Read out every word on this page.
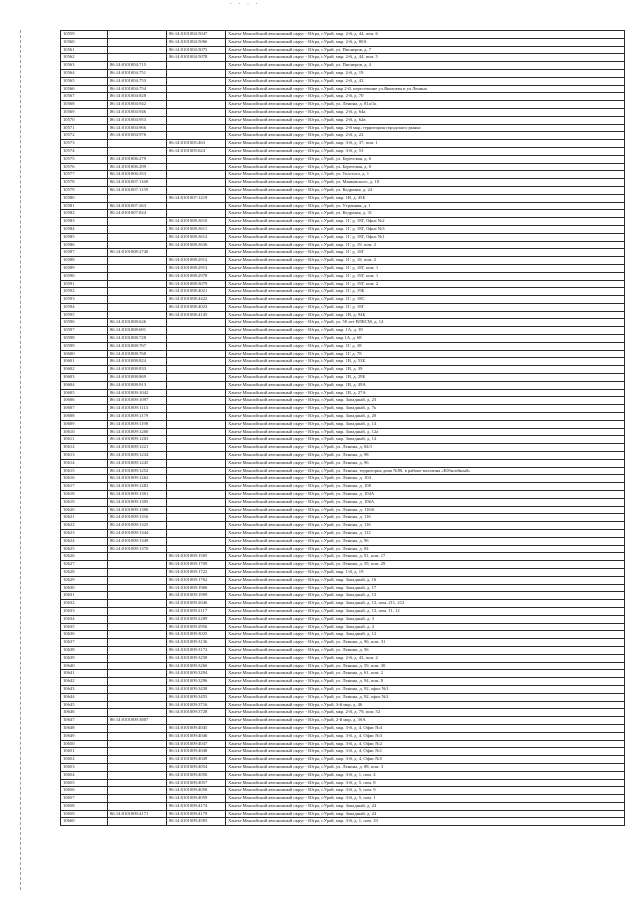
· · · ·
10559		86:14:0101004:5047	Ханты-Мансийский автономный округ - Югра, г.Урай, мкр. 2-й, д. 44, пом. 6
10560		86:14:0101004:5066	Ханты-Мансийский автономный округ - Югра, г.Урай, мкр. 2-й, д. 80А
10561		86:14:0101004:5075	Ханты-Мансийский автономный округ - Югра, г.Урай, ул. Пионеров, д. 7
10562		86:14:0101004:5078	Ханты-Мансийский автономный округ - Югра, г.Урай, мкр. 2-й, д. 44, пом. 5
10563	86:14:0101004:715		Ханты-Мансийский автономный округ - Югра, г.Урай, ул. Пионеров, д. 4
10564	86:14:0101004:751		Ханты-Мансийский автономный округ - Югра, г.Урай, мкр. 2-й, д. 19
10565	86:14:0101004:753		Ханты-Мансийский автономный округ - Югра, г.Урай, мкр. 2-й, д. 43
10566	86:14:0101004:754		Ханты-Мансийский автономный округ - Югра, г.Урай, мкр 2-й, пересечение ул.Яковлева и ул.Ленина
10567	86:14:0101004:828		Ханты-Мансийский автономный округ - Югра, г.Урай, мкр. 2-й, д. 70
10568	86:14:0101004:942		Ханты-Мансийский автономный округ - Югра, г.Урай, ул. Ленина, д. 81а/1к
10569	86:14:0101004:946		Ханты-Мансийский автономный округ - Югра, г.Урай, мкр. 2-й, д. 64а
10570	86:14:0101004:953		Ханты-Мансийский автономный округ - Югра, г.Урай, мкр. 2-й, д. 62в
10571	86:14:0101004:966		Ханты-Мансийский автономный округ - Югра, г.Урай, мкр. 2-й мкр, территория городского рынка
10572	86:14:0101004:976		Ханты-Мансийский автономный округ - Югра, г.Урай, мкр. 2-й, д. 22
10573		86:14:0101005:463	Ханты-Мансийский автономный округ - Югра, г.Урай, мкр. 3-й, д. 37, пом. 1
10574		86:14:0101005:624	Ханты-Мансийский автономный округ - Югра, г.Урай, мкр. 3-й, д. 53
10575	86:14:0101006:279		Ханты-Мансийский автономный округ - Югра, г.Урай, ул. Береговая, д. 6
10576	86:14:0101006:299		Ханты-Мансийский автономный округ - Югра, г.Урай, ул. Береговая, д. 8
10577	86:14:0101006:353		Ханты-Мансийский автономный округ - Югра, г.Урай, ул. Толстого, д. 1
10578	86:14:0101007:1160		Ханты-Мансийский автономный округ - Югра, г.Урай, ул. Маяковского, д. 18
10579	86:14:0101007:1159		Ханты-Мансийский автономный округ - Югра, г.Урай, ул. Кедровая, д. 24
10580		86:14:0101007:1219	Ханты-Мансийский автономный округ - Югра, г.Урай, мкр. 1В, д. 45Б
10581	86:14:0101007:263		Ханты-Мансийский автономный округ - Югра, г.Урай, ул. Утренняя, д. 1
10582	86:14:0101007:824		Ханты-Мансийский автономный округ - Югра, г.Урай, ул. Кедровая, д. 31
10583		86:14:0101008:3610	Ханты-Мансийский автономный округ - Югра, г.Урай, мкр. 1Г, д. 18Г, Офис №2
10584		86:14:0101008:3611	Ханты-Мансийский автономный округ - Югра, г.Урай, мкр. 1Г, д. 18Г, Офис №3
10585		86:14:0101008:3612	Ханты-Мансийский автономный округ - Югра, г.Урай, мкр. 1Г, д. 18Г, Офис №1
10586		86:14:0101008:3636	Ханты-Мансийский автономный округ - Югра, г.Урай, мкр. 1Г, д. 19, пом. 2
10587	86:14:0101008:2740		Ханты-Мансийский автономный округ - Югра, г.Урай, мкр. 1Г, д. 18Г
10588		86:14:0101008:2912	Ханты-Мансийский автономный округ - Югра, г.Урай, мкр. 1Г, д. 18, пом. 2
10589		86:14:0101008:2913	Ханты-Мансийский автономный округ - Югра, г.Урай, мкр. 1Г, д. 18Г, пом. 1
10590		86:14:0101008:2978	Ханты-Мансийский автономный округ - Югра, г.Урай, мкр. 1Г, д. 19Г, пом. 1
10591		86:14:0101008:3079	Ханты-Мансийский автономный округ - Югра, г.Урай, мкр. 1Г, д. 19Г, пом. 2
10592		86:14:0101008:4021	Ханты-Мансийский автономный округ - Югра, г.Урай, мкр. 1Г, д. 19Б
10593		86:14:0101008:4422	Ханты-Мансийский автономный округ - Югра, г.Урай, мкр. 1Г, д. 18С
10594		86:14:0101008:4023	Ханты-Мансийский автономный округ - Югра, г.Урай, мкр. 1Г, д. 18Г
10595		86:14:0101008:4145	Ханты-Мансийский автономный округ - Югра, г.Урай, мкр. 1В, д. 94Б
10596	86:14:0101008:626		Ханты-Мансийский автономный округ - Югра, г.Урай, ул. 50 лет ВЛКСМ, д. 14
10597	86:14:0101008:691		Ханты-Мансийский автономный округ - Югра, г.Урай, мкр. 1А, д. 39
10598	86:14:0101008:728		Ханты-Мансийский автономный округ - Югра, г.Урай, мкр.1А, д. 68
10599	86:14:0101008:767		Ханты-Мансийский автономный округ - Югра, г.Урай, мкр. 1Г, д. 38
10600	86:14:0101008:768		Ханты-Мансийский автономный округ - Югра, г.Урай, мкр. 1Г, д. 78
10601	86:14:0101008:824		Ханты-Мансийский автономный округ - Югра, г.Урай, мкр. 1В, д. 53Б
10602	86:14:0101008:833		Ханты-Мансийский автономный округ - Югра, г.Урай, мкр. 1В, д. 39
10603	86:14:0101008:869		Ханты-Мансийский автономный округ - Югра, г.Урай, мкр. 1В, д. 29Б
10604	86:14:0101008:913		Ханты-Мансийский автономный округ - Югра, г.Урай, мкр. 1В, д. 49А
10605	86:14:0101009:1042		Ханты-Мансийский автономный округ - Югра, г.Урай, мкр. 1В, д. 27А
10606	86:14:0101009:1097		Ханты-Мансийский автономный округ - Югра, г.Урай, мкр. Западный, д. 23
10607	86:14:0101009:1113		Ханты-Мансийский автономный округ - Югра, г.Урай, мкр. Западный, д. 7к
10608	86:14:0101009:1179		Ханты-Мансийский автономный округ - Югра, г.Урай, мкр. Западный, д. 20
10609	86:14:0101009:1198		Ханты-Мансийский автономный округ - Югра, г.Урай, мкр. Западный, д. 14
10610	86:14:0101009:1200		Ханты-Мансийский автономный округ - Югра, г.Урай, мкр. Западный, д. 12а
10611	86:14:0101009:1203		Ханты-Мансийский автономный округ - Югра, г.Урай, мкр. Западный, д. 14
10612	86:14:0101009:1221		Ханты-Мансийский автономный округ - Югра, г.Урай, ул. Ленина, д. 84/1
10613	86:14:0101009:1234		Ханты-Мансийский автономный округ - Югра, г.Урай, ул. Ленина, д. 98
10614	86:14:0101009:1245		Ханты-Мансийский автономный округ - Югра, г.Урай, ул. Ленина, д. 96
10615	86:14:0101009:1252		Ханты-Мансийский автономный округ - Югра, г.Урай, ул. Ленина, территория дома №88, в районе магазина «Юбилейный»
10616	86:14:0101009:1262		Ханты-Мансийский автономный округ - Югра, г.Урай, ул. Ленина, д. 104
10617	86:14:0101009:1282		Ханты-Мансийский автономный округ - Югра, г.Урай, ул. Ленина, д. 108
10618	86:14:0101009:1301		Ханты-Мансийский автономный округ - Югра, г.Урай, ул. Ленина, д. 104А
10619	86:14:0101009:1305		Ханты-Мансийский автономный округ - Югра, г.Урай, ул. Ленина, д. 106А
10620	86:14:0101009:1306		Ханты-Мансийский автономный округ - Югра, г.Урай, ул. Ленина, д. 116/6
10621	86:14:0101009:1316		Ханты-Мансийский автономный округ - Югра, г.Урай, ул. Ленина, д. 116
10622	86:14:0101009:1325		Ханты-Мансийский автономный округ - Югра, г.Урай, ул. Ленина, д. 116
10623	86:14:0101009:1344		Ханты-Мансийский автономный округ - Югра, г.Урай, ул. Ленина, д. 112
10624	86:14:0101009:1349		Ханты-Мансийский автономный округ - Югра, г.Урай, ул. Ленина, д. 96
10625	86:14:0101009:1370		Ханты-Мансийский автономный округ - Югра, г.Урай, ул. Ленина, д. 84
10626		86:14:0101009:1505	Ханты-Мансийский автономный округ - Югра, г.Урай, ул. Ленина, д. 91, пом. 17
10627		86:14:0101009:1709	Ханты-Мансийский автономный округ - Югра, г.Урай, ул. Ленина, д. 59, пом. 29
10628		86:14:0101009:1722	Ханты-Мансийский автономный округ - Югра, г.Урай, мкр. 1-й, д. 19
10629		86:14:0101009:1762	Ханты-Мансийский автономный округ - Югра, г.Урай, мкр. Западный, д. 16
10630		86:14:0101009:1906	Ханты-Мансийский автономный округ - Югра, г.Урай, мкр. Западный, д. 17
10631		86:14:0101009:1909	Ханты-Мансийский автономный округ - Югра, г.Урай, мкр. Западный, д. 13
10632		86:14:0101009:2046	Ханты-Мансийский автономный округ - Югра, г.Урай, мкр. Западный, д. 13, пом. 211, 212
10633		86:14:0101009:2117	Ханты-Мансийский автономный округ - Югра, г.Урай, мкр. Западный, д. 13, пом. 11, 12
10634		86:14:0101009:2289	Ханты-Мансийский автономный округ - Югра, г.Урай, мкр. Западный, д. 3
10635		86:14:0101009:2956	Ханты-Мансийский автономный округ - Югра, г.Урай, мкр. Западный, д. 4
10636		86:14:0101009:3025	Ханты-Мансийский автономный округ - Югра, г.Урай, мкр. Западный, д. 12
10637		86:14:0101009:3136	Ханты-Мансийский автономный округ - Югра, г.Урай, ул. Ленина, д. 96, пом. 31
10638		86:14:0101009:3172	Ханты-Мансийский автономный округ - Югра, г.Урай, ул. Ленина, д. 56
10639		86:14:0101009:3258	Ханты-Мансийский автономный округ - Югра, г.Урай, мкр. 2-й, д. 43, пом. 2
10640		86:14:0101009:3266	Ханты-Мансийский автономный округ - Югра, г.Урай, ул. Ленина, д. 59, пом. 30
10641		86:14:0101009:3294	Ханты-Мансийский автономный округ - Югра, г.Урай, ул. Ленина, д. 61, пом. 2
10642		86:14:0101009:3296	Ханты-Мансийский автономный округ - Югра, г.Урай, ул. Ленина, д. 94, пом. 8
10643		86:14:0101009:3438	Ханты-Мансийский автономный округ - Югра, г.Урай, ул. Ленина, д. 92, офис №3
10644		86:14:0101009:3455	Ханты-Мансийский автономный округ - Югра, г.Урай, ул. Ленина, д. 92, офис №3
10645		86:14:0101009:3716	Ханты-Мансийский автономный округ - Югра, г.Урай, 3-й мкр, д. 46
10646		86:14:0101009:3728	Ханты-Мансийский автономный округ - Югра, г.Урай, мкр. 2-й, д. 79, пом. 52
10647	86:14:0101009:3807		Ханты-Мансийский автономный округ - Югра, г.Урай, 2-й мкр, д. 3бА
10648		86:14:0101009:4045	Ханты-Мансийский автономный округ - Югра, г.Урай, мкр. 3-й, д. 4, Офис №4
10649		86:14:0101009:4046	Ханты-Мансийский автономный округ - Югра, г.Урай, мкр. 3-й, д. 4, Офис №3
10650		86:14:0101009:4047	Ханты-Мансийский автономный округ - Югра, г.Урай, мкр. 3-й, д. 4, Офис №2
10651		86:14:0101009:4048	Ханты-Мансийский автономный округ - Югра, г.Урай, мкр. 3-й, д. 4, Офис №1
10652		86:14:0101009:4049	Ханты-Мансийский автономный округ - Югра, г.Урай, мкр. 3-й, д. 4, Офис №5
10653		86:14:0101009:4054	Ханты-Мансийский автономный округ - Югра, г.Урай, ул. Ленина, д. 88, пом. 3
10654		86:14:0101009:4056	Ханты-Мансийский автономный округ - Югра, г.Урай, мкр. 3-й, д. 1, пом. 4
10655		86:14:0101009:4057	Ханты-Мансийский автономный округ - Югра, г.Урай, мкр. 3-й, д. 5, пом. 8
10656		86:14:0101009:4058	Ханты-Мансийский автономный округ - Югра, г.Урай, мкр. 3-й, д. 5, пом. 9
10657		86:14:0101009:4059	Ханты-Мансийский автономный округ - Югра, г.Урай, мкр. 3-й, д. 5, пом. 1
10658		86:14:0101009:4174	Ханты-Мансийский автономный округ - Югра, г.Урай, мкр. Западный, д. 24
10659	86:14:0101009:4171	86:14:0101009:4179	Ханты-Мансийский автономный округ - Югра, г.Урай, мкр. Западный, д. 24
10660		86:14:0101009:4583	Ханты-Мансийский автономный округ - Югра, г.Урай, мкр. 3-й, д. 1, пом. 33
